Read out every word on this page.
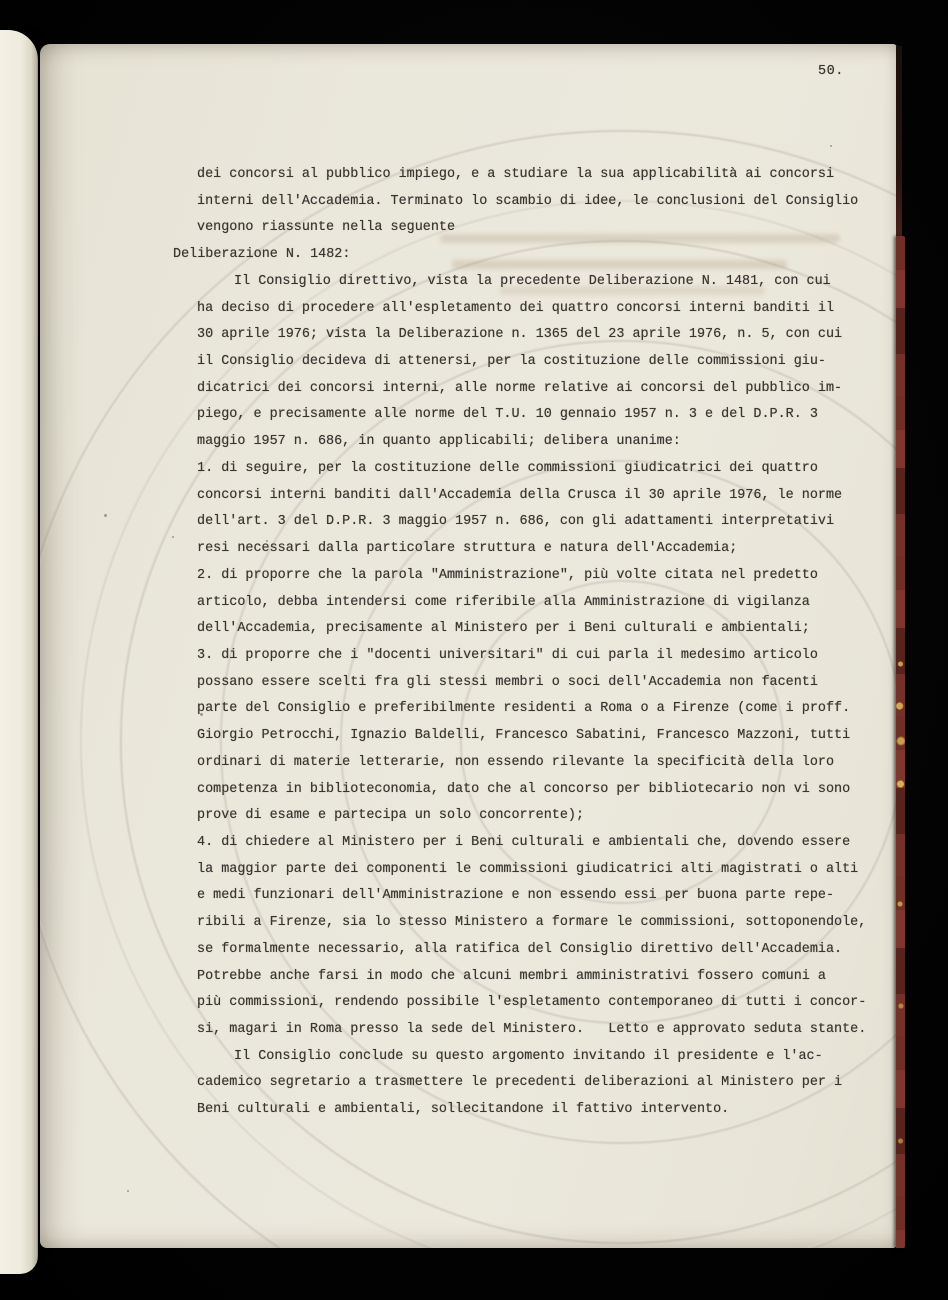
50.
dei concorsi al pubblico impiego, e a studiare la sua applicabilità ai concorsi
interni dell'Accademia. Terminato lo scambio di idee, le conclusioni del Consiglio
vengono riassunte nella seguente
Deliberazione N. 1482:
Il Consiglio direttivo, vista la precedente Deliberazione N. 1481, con cui
ha deciso di procedere all'espletamento dei quattro concorsi interni banditi il
30 aprile 1976; vista la Deliberazione n. 1365 del 23 aprile 1976, n. 5, con cui
il Consiglio decideva di attenersi, per la costituzione delle commissioni giu-
dicatrici dei concorsi interni, alle norme relative ai concorsi del pubblico im-
piego, e precisamente alle norme del T.U. 10 gennaio 1957 n. 3 e del D.P.R. 3
maggio 1957 n. 686, in quanto applicabili; delibera unanime:
1. di seguire, per la costituzione delle commissioni giudicatrici dei quattro
concorsi interni banditi dall'Accademia della Crusca il 30 aprile 1976, le norme
dell'art. 3 del D.P.R. 3 maggio 1957 n. 686, con gli adattamenti interpretativi
resi necessari dalla particolare struttura e natura dell'Accademia;
2. di proporre che la parola "Amministrazione", più volte citata nel predetto
articolo, debba intendersi come riferibile alla Amministrazione di vigilanza
dell'Accademia, precisamente al Ministero per i Beni culturali e ambientali;
3. di proporre che i "docenti universitari" di cui parla il medesimo articolo
possano essere scelti fra gli stessi membri o soci dell'Accademia non facenti
parte del Consiglio e preferibilmente residenti a Roma o a Firenze (come i proff.
Giorgio Petrocchi, Ignazio Baldelli, Francesco Sabatini, Francesco Mazzoni, tutti
ordinari di materie letterarie, non essendo rilevante la specificità della loro
competenza in biblioteconomia, dato che al concorso per bibliotecario non vi sono
prove di esame e partecipa un solo concorrente);
4. di chiedere al Ministero per i Beni culturali e ambientali che, dovendo essere
la maggior parte dei componenti le commissioni giudicatrici alti magistrati o alti
e medi funzionari dell'Amministrazione e non essendo essi per buona parte repe-
ribili a Firenze, sia lo stesso Ministero a formare le commissioni, sottoponendole,
se formalmente necessario, alla ratifica del Consiglio direttivo dell'Accademia.
Potrebbe anche farsi in modo che alcuni membri amministrativi fossero comuni a
più commissioni, rendendo possibile l'espletamento contemporaneo di tutti i concor-
si, magari in Roma presso la sede del Ministero.   Letto e approvato seduta stante.
Il Consiglio conclude su questo argomento invitando il presidente e l'ac-
cademico segretario a trasmettere le precedenti deliberazioni al Ministero per i
Beni culturali e ambientali, sollecitandone il fattivo intervento.
